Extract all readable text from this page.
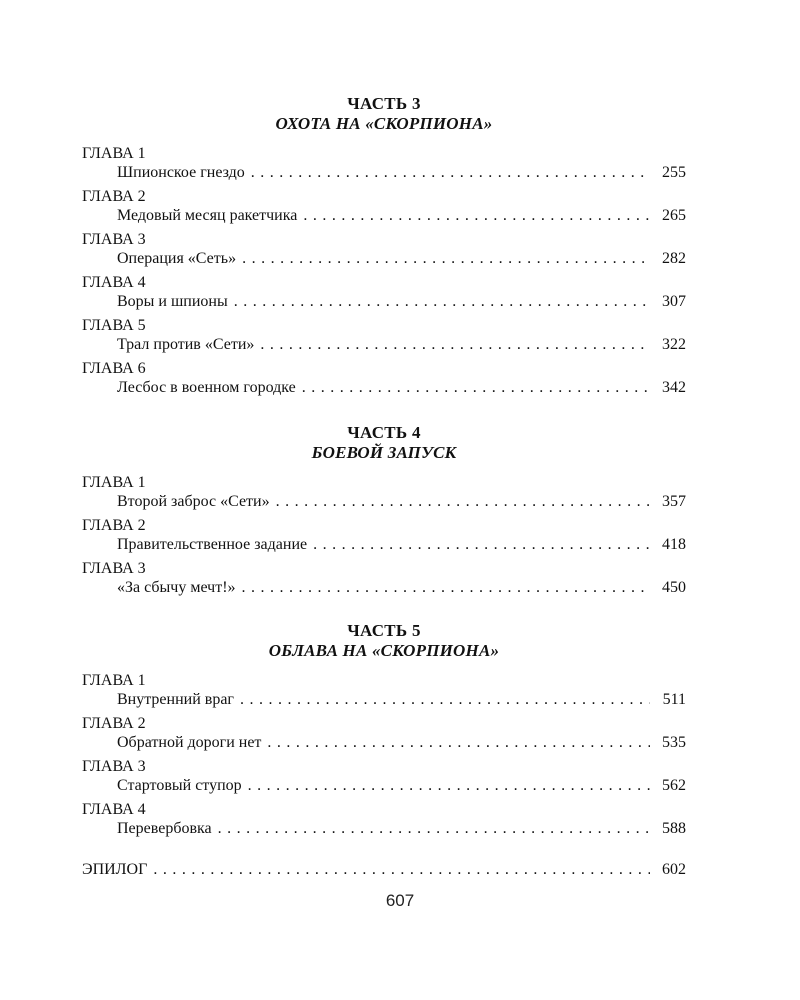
ЧАСТЬ 3
ОХОТА НА «СКОРПИОНА»
ГЛАВА 1
Шпионское гнездо . . .	255
ГЛАВА 2
Медовый месяц ракетчика . . .	265
ГЛАВА 3
Операция «Сеть» . . .	282
ГЛАВА 4
Воры и шпионы . . .	307
ГЛАВА 5
Трал против «Сети» . . .	322
ГЛАВА 6
Лесбос в военном городке . . .	342
ЧАСТЬ 4
БОЕВОЙ ЗАПУСК
ГЛАВА 1
Второй заброс «Сети» . . .	357
ГЛАВА 2
Правительственное задание . . .	418
ГЛАВА 3
«За сбычу мечт!» . . .	450
ЧАСТЬ 5
ОБЛАВА НА «СКОРПИОНА»
ГЛАВА 1
Внутренний враг . . .	511
ГЛАВА 2
Обратной дороги нет . . .	535
ГЛАВА 3
Стартовый ступор . . .	562
ГЛАВА 4
Перевербовка . . .	588
ЭПИЛОГ . . .	602
607
